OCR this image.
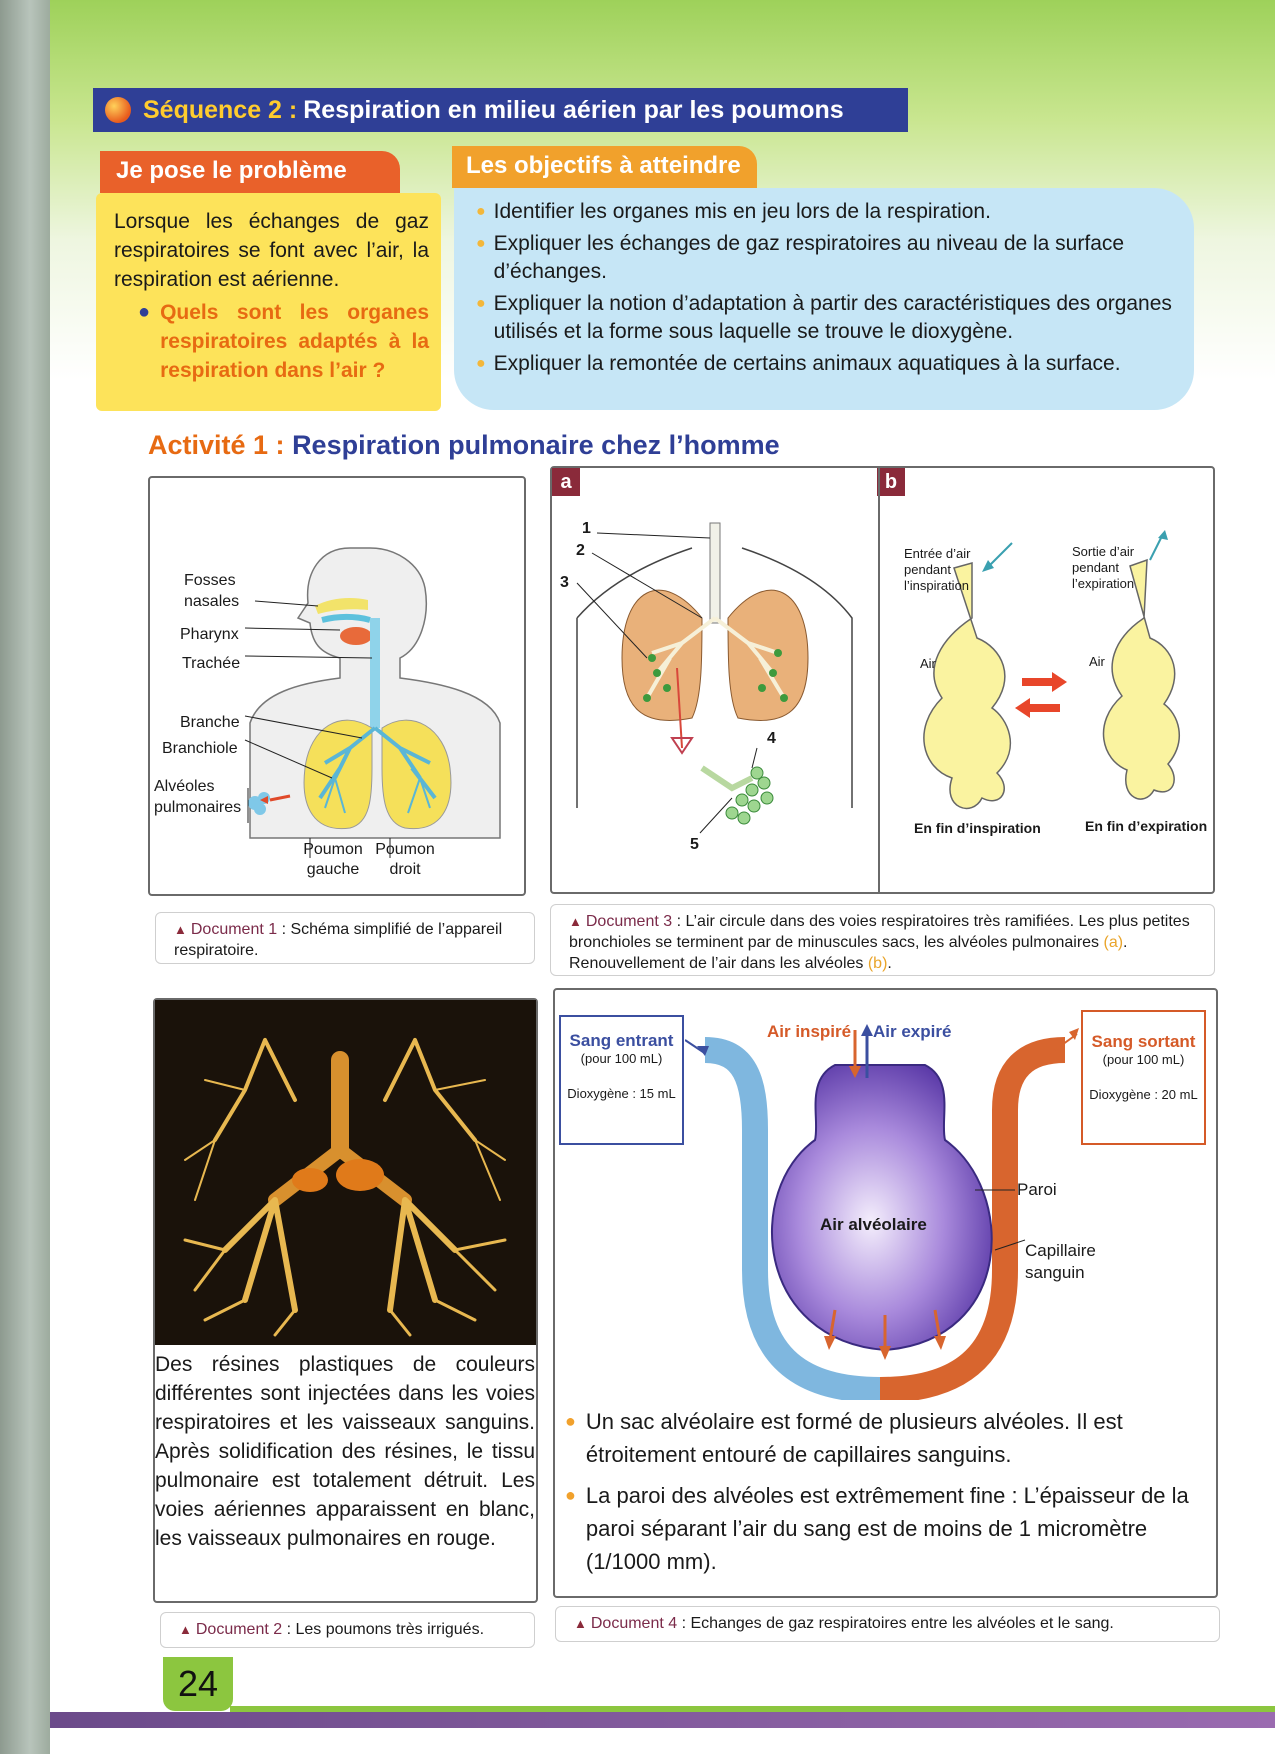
Séquence 2 : Respiration en milieu aérien par les poumons
Je pose le problème
Lorsque les échanges de gaz respiratoires se font avec l’air, la respiration est aérienne.
● Quels sont les organes respiratoires adaptés à la respiration dans l’air ?
Les objectifs à atteindre
● Identifier les organes mis en jeu lors de la respiration.
● Expliquer les échanges de gaz respiratoires au niveau de la surface d’échanges.
● Expliquer la notion d’adaptation à partir des caractéristiques des organes utilisés et la forme sous laquelle se trouve le dioxygène.
● Expliquer la remontée de certains animaux aquatiques à la surface.
Activité 1 : Respiration pulmonaire chez l’homme
Fosses nasales
Pharynx
Trachée
Branche
Branchiole
Alvéoles pulmonaires
Poumon gauche
Poumon droit
▲ Document 1 : Schéma simplifié de l’appareil respiratoire.
a	b
1
2
3
4
5
Entrée d’air pendant l’inspiration
Sortie d’air pendant l’expiration
Air	Air
En fin d’inspiration	En fin d’expiration
▲ Document 3 : L’air circule dans des voies respiratoires très ramifiées. Les plus petites bronchioles se terminent par de minuscules sacs, les alvéoles pulmonaires (a). Renouvellement de l’air dans les alvéoles (b).
Des résines plastiques de couleurs différentes sont injectées dans les voies respiratoires et les vaisseaux sanguins. Après solidification des résines, le tissu pulmonaire est totalement détruit. Les voies aériennes apparaissent en blanc, les vaisseaux pulmonaires en rouge.
▲ Document 2 : Les poumons très irrigués.
Sang entrant
(pour 100 mL)
Dioxygène : 15 mL
Sang sortant
(pour 100 mL)
Dioxygène : 20 mL
Air inspiré Air expiré
Paroi
Capillaire sanguin
Air alvéolaire
● Un sac alvéolaire est formé de plusieurs alvéoles. Il est étroitement entouré de capillaires sanguins.
● La paroi des alvéoles est extrêmement fine : L’épaisseur de la paroi séparant l’air du sang est de moins de 1 micromètre (1/1000 mm).
▲ Document 4 : Echanges de gaz respiratoires entre les alvéoles et le sang.
24
